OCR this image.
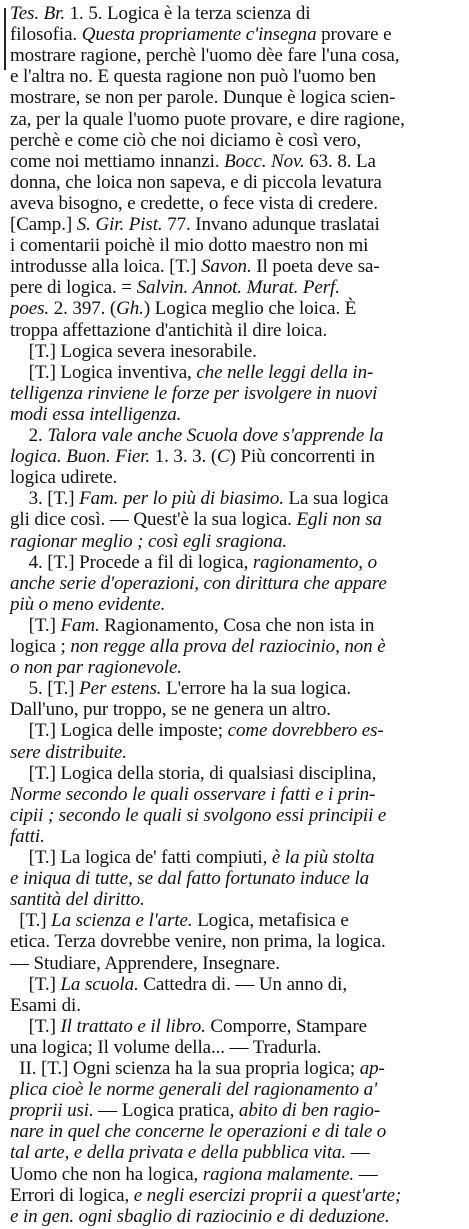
Tes. Br. 1. 5. Logica è la terza scienza di
filosofia. Questa propriamente c'insegna provare e
mostrare ragione, perchè l'uomo dèe fare l'una cosa,
e l'altra no. E questa ragione non può l'uomo ben
mostrare, se non per parole. Dunque è logica scien-
za, per la quale l'uomo puote provare, e dire ragione,
perchè e come ciò che noi diciamo è così vero,
come noi mettiamo innanzi. Bocc. Nov. 63. 8. La
donna, che loica non sapeva, e di piccola levatura
aveva bisogno, e credette, o fece vista di credere.
[Camp.] S. Gir. Pist. 77. Invano adunque traslatai
i comentarii poichè il mio dotto maestro non mi
introdusse alla loica. [T.] Savon. Il poeta deve sa-
pere di logica. = Salvin. Annot. Murat. Perf.
poes. 2. 397. (Gh.) Logica meglio che loica. È
troppa affettazione d'antichità il dire loica.
[T.] Logica severa inesorabile.
[T.] Logica inventiva, che nelle leggi della in-
telligenza rinviene le forze per isvolgere in nuovi
modi essa intelligenza.
2. Talora vale anche Scuola dove s'apprende la
logica. Buon. Fier. 1. 3. 3. (C) Più concorrenti in
logica udirete.
3. [T.] Fam. per lo più di biasimo. La sua logica
gli dice così. — Quest'è la sua logica. Egli non sa
ragionar meglio ; così egli sragiona.
4. [T.] Procede a fil di logica, ragionamento, o
anche serie d'operazioni, con dirittura che appare
più o meno evidente.
[T.] Fam. Ragionamento, Cosa che non ista in
logica ; non regge alla prova del raziocinio, non è
o non par ragionevole.
5. [T.] Per estens. L'errore ha la sua logica.
Dall'uno, pur troppo, se ne genera un altro.
[T.] Logica delle imposte; come dovrebbero es-
sere distribuite.
[T.] Logica della storia, di qualsiasi disciplina,
Norme secondo le quali osservare i fatti e i prin-
cipii ; secondo le quali si svolgono essi principii e
fatti.
[T.] La logica de' fatti compiuti, è la più stolta
e iniqua di tutte, se dal fatto fortunato induce la
santità del diritto.
[T.] La scienza e l'arte. Logica, metafisica e
etica. Terza dovrebbe venire, non prima, la logica.
— Studiare, Apprendere, Insegnare.
[T.] La scuola. Cattedra di. — Un anno di,
Esami di.
[T.] Il trattato e il libro. Comporre, Stampare
una logica; Il volume della... — Tradurla.
II. [T.] Ogni scienza ha la sua propria logica; ap-
plica cioè le norme generali del ragionamento a'
proprii usi. — Logica pratica, abito di ben ragio-
nare in quel che concerne le operazioni e di tale o
tal arte, e della privata e della pubblica vita. —
Uomo che non ha logica, ragiona malamente. —
Errori di logica, e negli esercizi proprii a quest'arte;
e in gen. ogni sbaglio di raziocinio e di deduzione.
